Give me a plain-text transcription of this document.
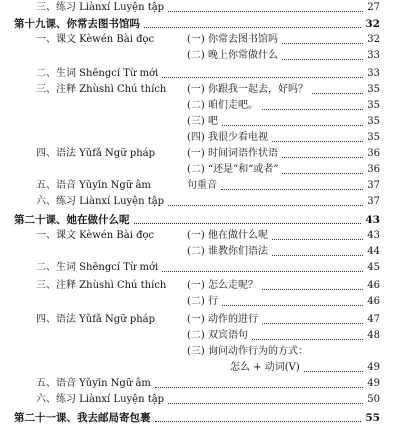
三、练习 Liànxí Luyện tập	27
第十九课、你常去图书馆吗	32
一、课文 Kèwén Bài đọc	(一) 你常去图书馆吗	32
(二) 晚上你常做什么	33
二、生词 Shēngcí Từ mới	33
三、注释 Zhùshì Chú thích (一) 你跟我一起去，好吗？	35
(二) 咱们走吧。	35
(三) 吧	35
(四) 我很少看电视	35
四、语法 Yǔfǎ Ngữ pháp	(一) 时间词语作状语	36
(二) “还是”和“或者”	36
五、语音 Yǔyīn Ngữ âm	句重音	37
六、练习 Liànxí Luyện tập	37
第二十课、她在做什么呢	43
一、课文 Kèwén Bài đọc	(一) 他在做什么呢	43
(二) 谁教你们语法	44
二、生词 Shēngcí Từ mới	45
三、注释 Zhùshì Chú thích (一) 怎么走呢？	46
(二) 行	46
四、语法 Yǔfǎ Ngữ pháp	(一) 动作的进行	47
(二) 双宾语句	48
(三) 询问动作行为的方式：
怎么 + 动词(V)	49
五、语音 Yǔyīn Ngữ âm	49
六、练习 Liànxí Luyện tập	50
第二十一课、我去邮局寄包裹	55
